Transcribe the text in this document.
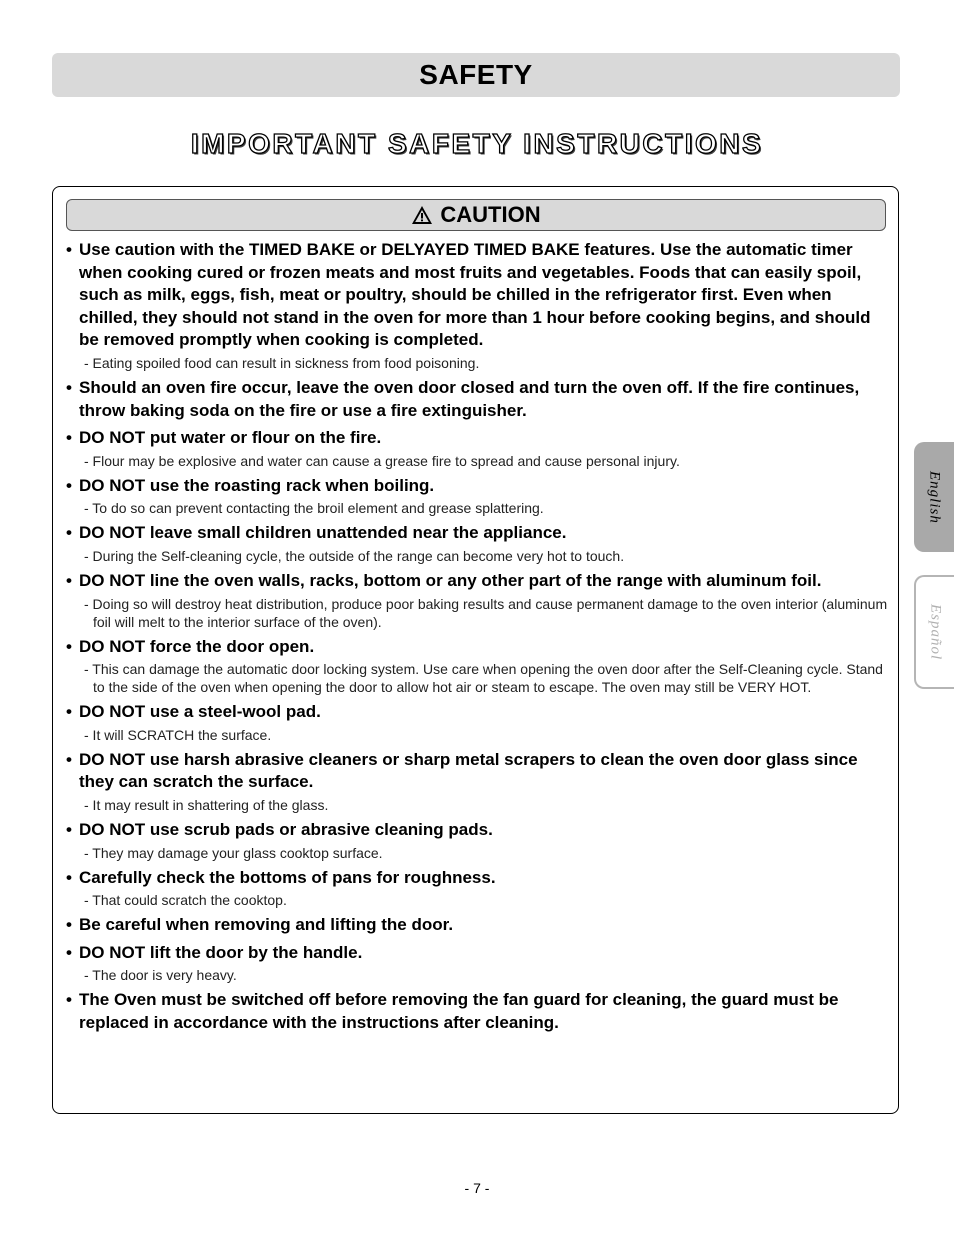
SAFETY
IMPORTANT SAFETY INSTRUCTIONS
CAUTION
• Use caution with the TIMED BAKE or DELYAYED TIMED BAKE features. Use the automatic timer when cooking cured or frozen meats and most fruits and vegetables. Foods that can easily spoil, such as milk, eggs, fish, meat or poultry, should be chilled in the refrigerator first. Even when chilled, they should not stand in the oven for more than 1 hour before cooking begins, and should be removed promptly when cooking is completed.
- Eating spoiled food can result in sickness from food poisoning.
• Should an oven fire occur, leave the oven door closed and turn the oven off. If the fire continues, throw baking soda on the fire or use a fire extinguisher.
• DO NOT put water or flour on the fire.
- Flour may be explosive and water can cause a grease fire to spread and cause personal injury.
• DO NOT use the roasting rack when boiling.
- To do so can prevent contacting the broil element and grease splattering.
• DO NOT leave small children unattended near the appliance.
- During the Self-cleaning cycle, the outside of the range can become very hot to touch.
• DO NOT line the oven walls, racks, bottom or any other part of the range with aluminum foil.
- Doing so will destroy heat distribution, produce poor baking results and cause permanent damage to the oven interior (aluminum foil will melt to the interior surface of the oven).
• DO NOT force the door open.
- This can damage the automatic door locking system. Use care when opening the oven door after the Self-Cleaning cycle. Stand to the side of the oven when opening the door to allow hot air or steam to escape. The oven may still be VERY HOT.
• DO NOT use a steel-wool pad.
- It will SCRATCH the surface.
• DO NOT use harsh abrasive cleaners or sharp metal scrapers to clean the oven door glass since they can scratch the surface.
- It may result in shattering of the glass.
• DO NOT use scrub pads or abrasive cleaning pads.
- They may damage your glass cooktop surface.
• Carefully check the bottoms of pans for roughness.
- That could scratch the cooktop.
• Be careful when removing and lifting the door.
• DO NOT lift the door by the handle.
- The door is very heavy.
• The Oven must be switched off before removing the fan guard for cleaning, the guard must be replaced in accordance with the instructions after cleaning.
English
Español
- 7 -
